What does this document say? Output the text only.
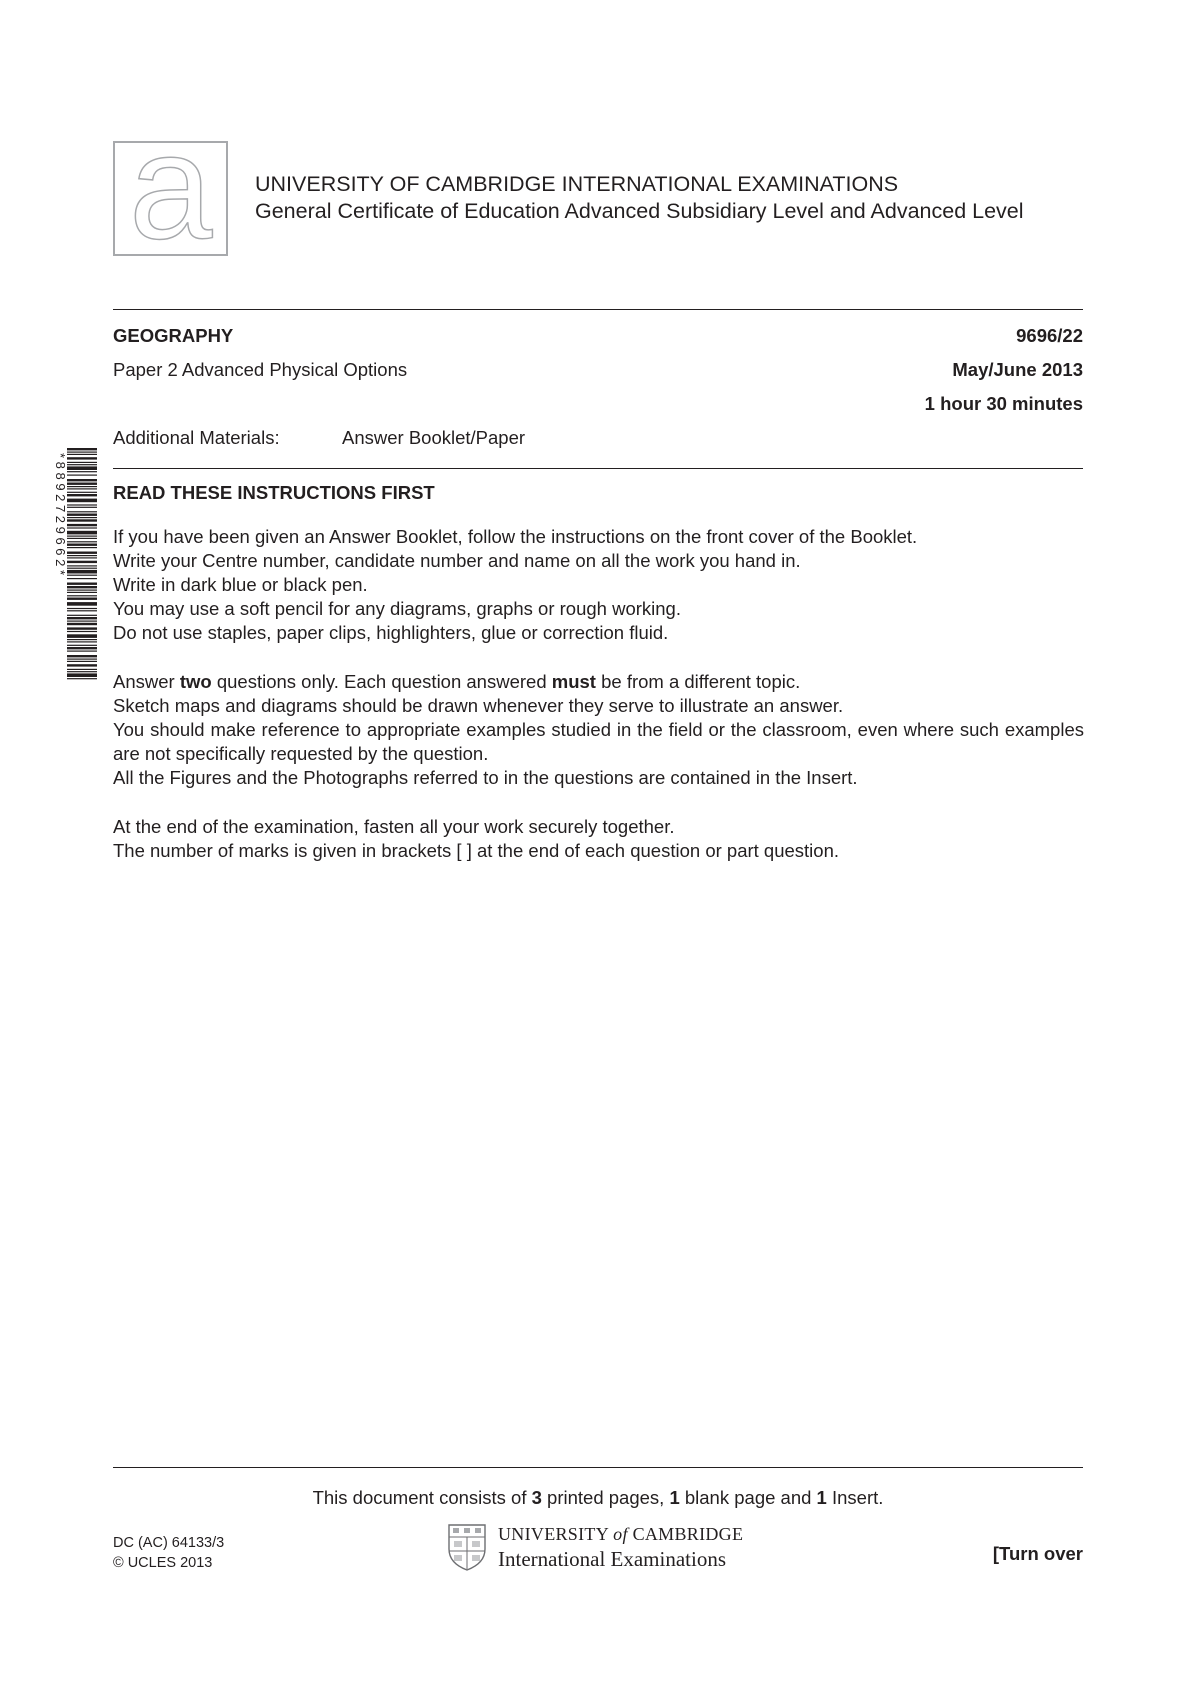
a UNIVERSITY OF CAMBRIDGE INTERNATIONAL EXAMINATIONS
General Certificate of Education Advanced Subsidiary Level and Advanced Level
GEOGRAPHY
Paper 2 Advanced Physical Options
9696/22
May/June 2013
1 hour 30 minutes
Additional Materials:	Answer Booklet/Paper
*8892729662* READ THESE INSTRUCTIONS FIRST
If you have been given an Answer Booklet, follow the instructions on the front cover of the Booklet.
Write your Centre number, candidate number and name on all the work you hand in.
Write in dark blue or black pen.
You may use a soft pencil for any diagrams, graphs or rough working.
Do not use staples, paper clips, highlighters, glue or correction fluid.
Answer two questions only. Each question answered must be from a different topic.
Sketch maps and diagrams should be drawn whenever they serve to illustrate an answer.
You should make reference to appropriate examples studied in the field or the classroom, even where such examples are not specifically requested by the question.
All the Figures and the Photographs referred to in the questions are contained in the Insert.
At the end of the examination, fasten all your work securely together.
The number of marks is given in brackets [ ] at the end of each question or part question.
This document consists of 3 printed pages, 1 blank page and 1 Insert.
DC (AC) 64133/3
© UCLES 2013
UNIVERSITY of CAMBRIDGE
International Examinations	[Turn over
